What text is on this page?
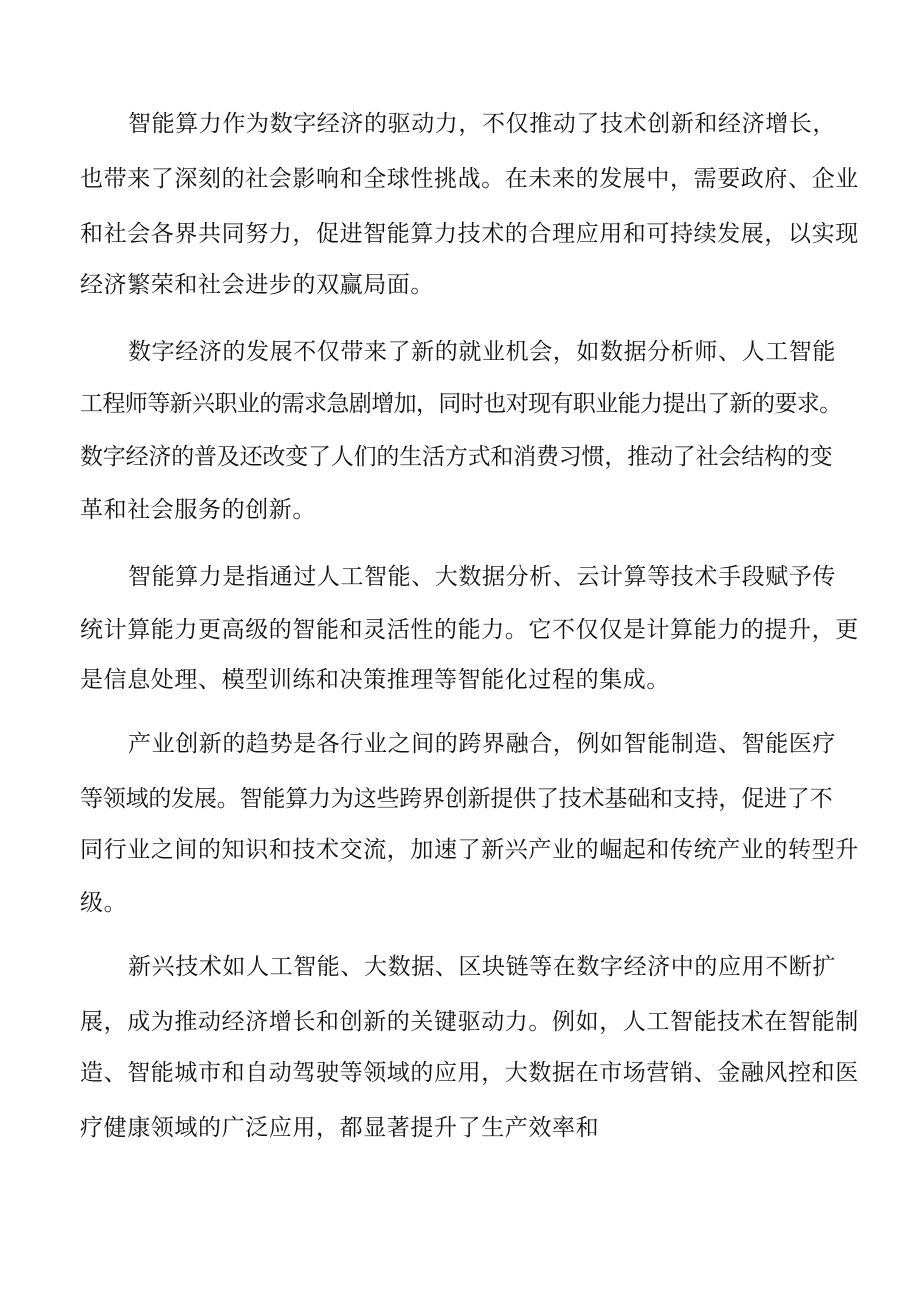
智能算力作为数字经济的驱动力，不仅推动了技术创新和经济增长，
也带来了深刻的社会影响和全球性挑战。在未来的发展中，需要政府、企业
和社会各界共同努力，促进智能算力技术的合理应用和可持续发展，以实现
经济繁荣和社会进步的双赢局面。
数字经济的发展不仅带来了新的就业机会，如数据分析师、人工智能
工程师等新兴职业的需求急剧增加，同时也对现有职业能力提出了新的要求。
数字经济的普及还改变了人们的生活方式和消费习惯，推动了社会结构的变
革和社会服务的创新。
智能算力是指通过人工智能、大数据分析、云计算等技术手段赋予传
统计算能力更高级的智能和灵活性的能力。它不仅仅是计算能力的提升，更
是信息处理、模型训练和决策推理等智能化过程的集成。
产业创新的趋势是各行业之间的跨界融合，例如智能制造、智能医疗
等领域的发展。智能算力为这些跨界创新提供了技术基础和支持，促进了不
同行业之间的知识和技术交流，加速了新兴产业的崛起和传统产业的转型升
级。
新兴技术如人工智能、大数据、区块链等在数字经济中的应用不断扩
展，成为推动经济增长和创新的关键驱动力。例如，人工智能技术在智能制
造、智能城市和自动驾驶等领域的应用，大数据在市场营销、金融风控和医
疗健康领域的广泛应用，都显著提升了生产效率和
